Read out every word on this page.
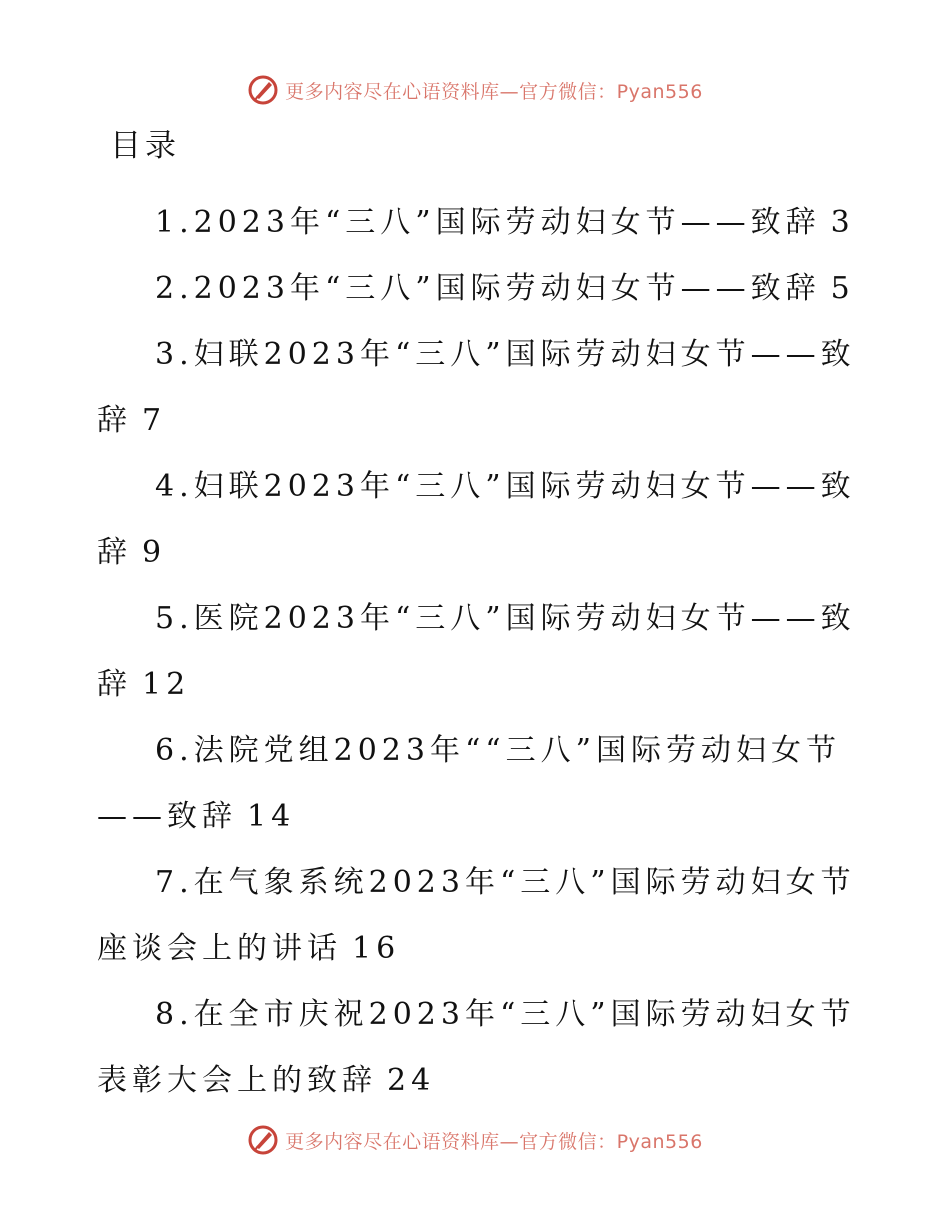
更多内容尽在心语资料库—官方微信：Pyan556
目录
1.2023年“三八”国际劳动妇女节——致辞 3
2.2023年“三八”国际劳动妇女节——致辞 5
3.妇联2023年“三八”国际劳动妇女节——致辞 7
4.妇联2023年“三八”国际劳动妇女节——致辞 9
5.医院2023年“三八”国际劳动妇女节——致辞 12
6.法院党组2023年““三八”国际劳动妇女节——致辞 14
7.在气象系统2023年“三八”国际劳动妇女节座谈会上的讲话 16
8.在全市庆祝2023年“三八”国际劳动妇女节表彰大会上的致辞 24
更多内容尽在心语资料库—官方微信：Pyan556
